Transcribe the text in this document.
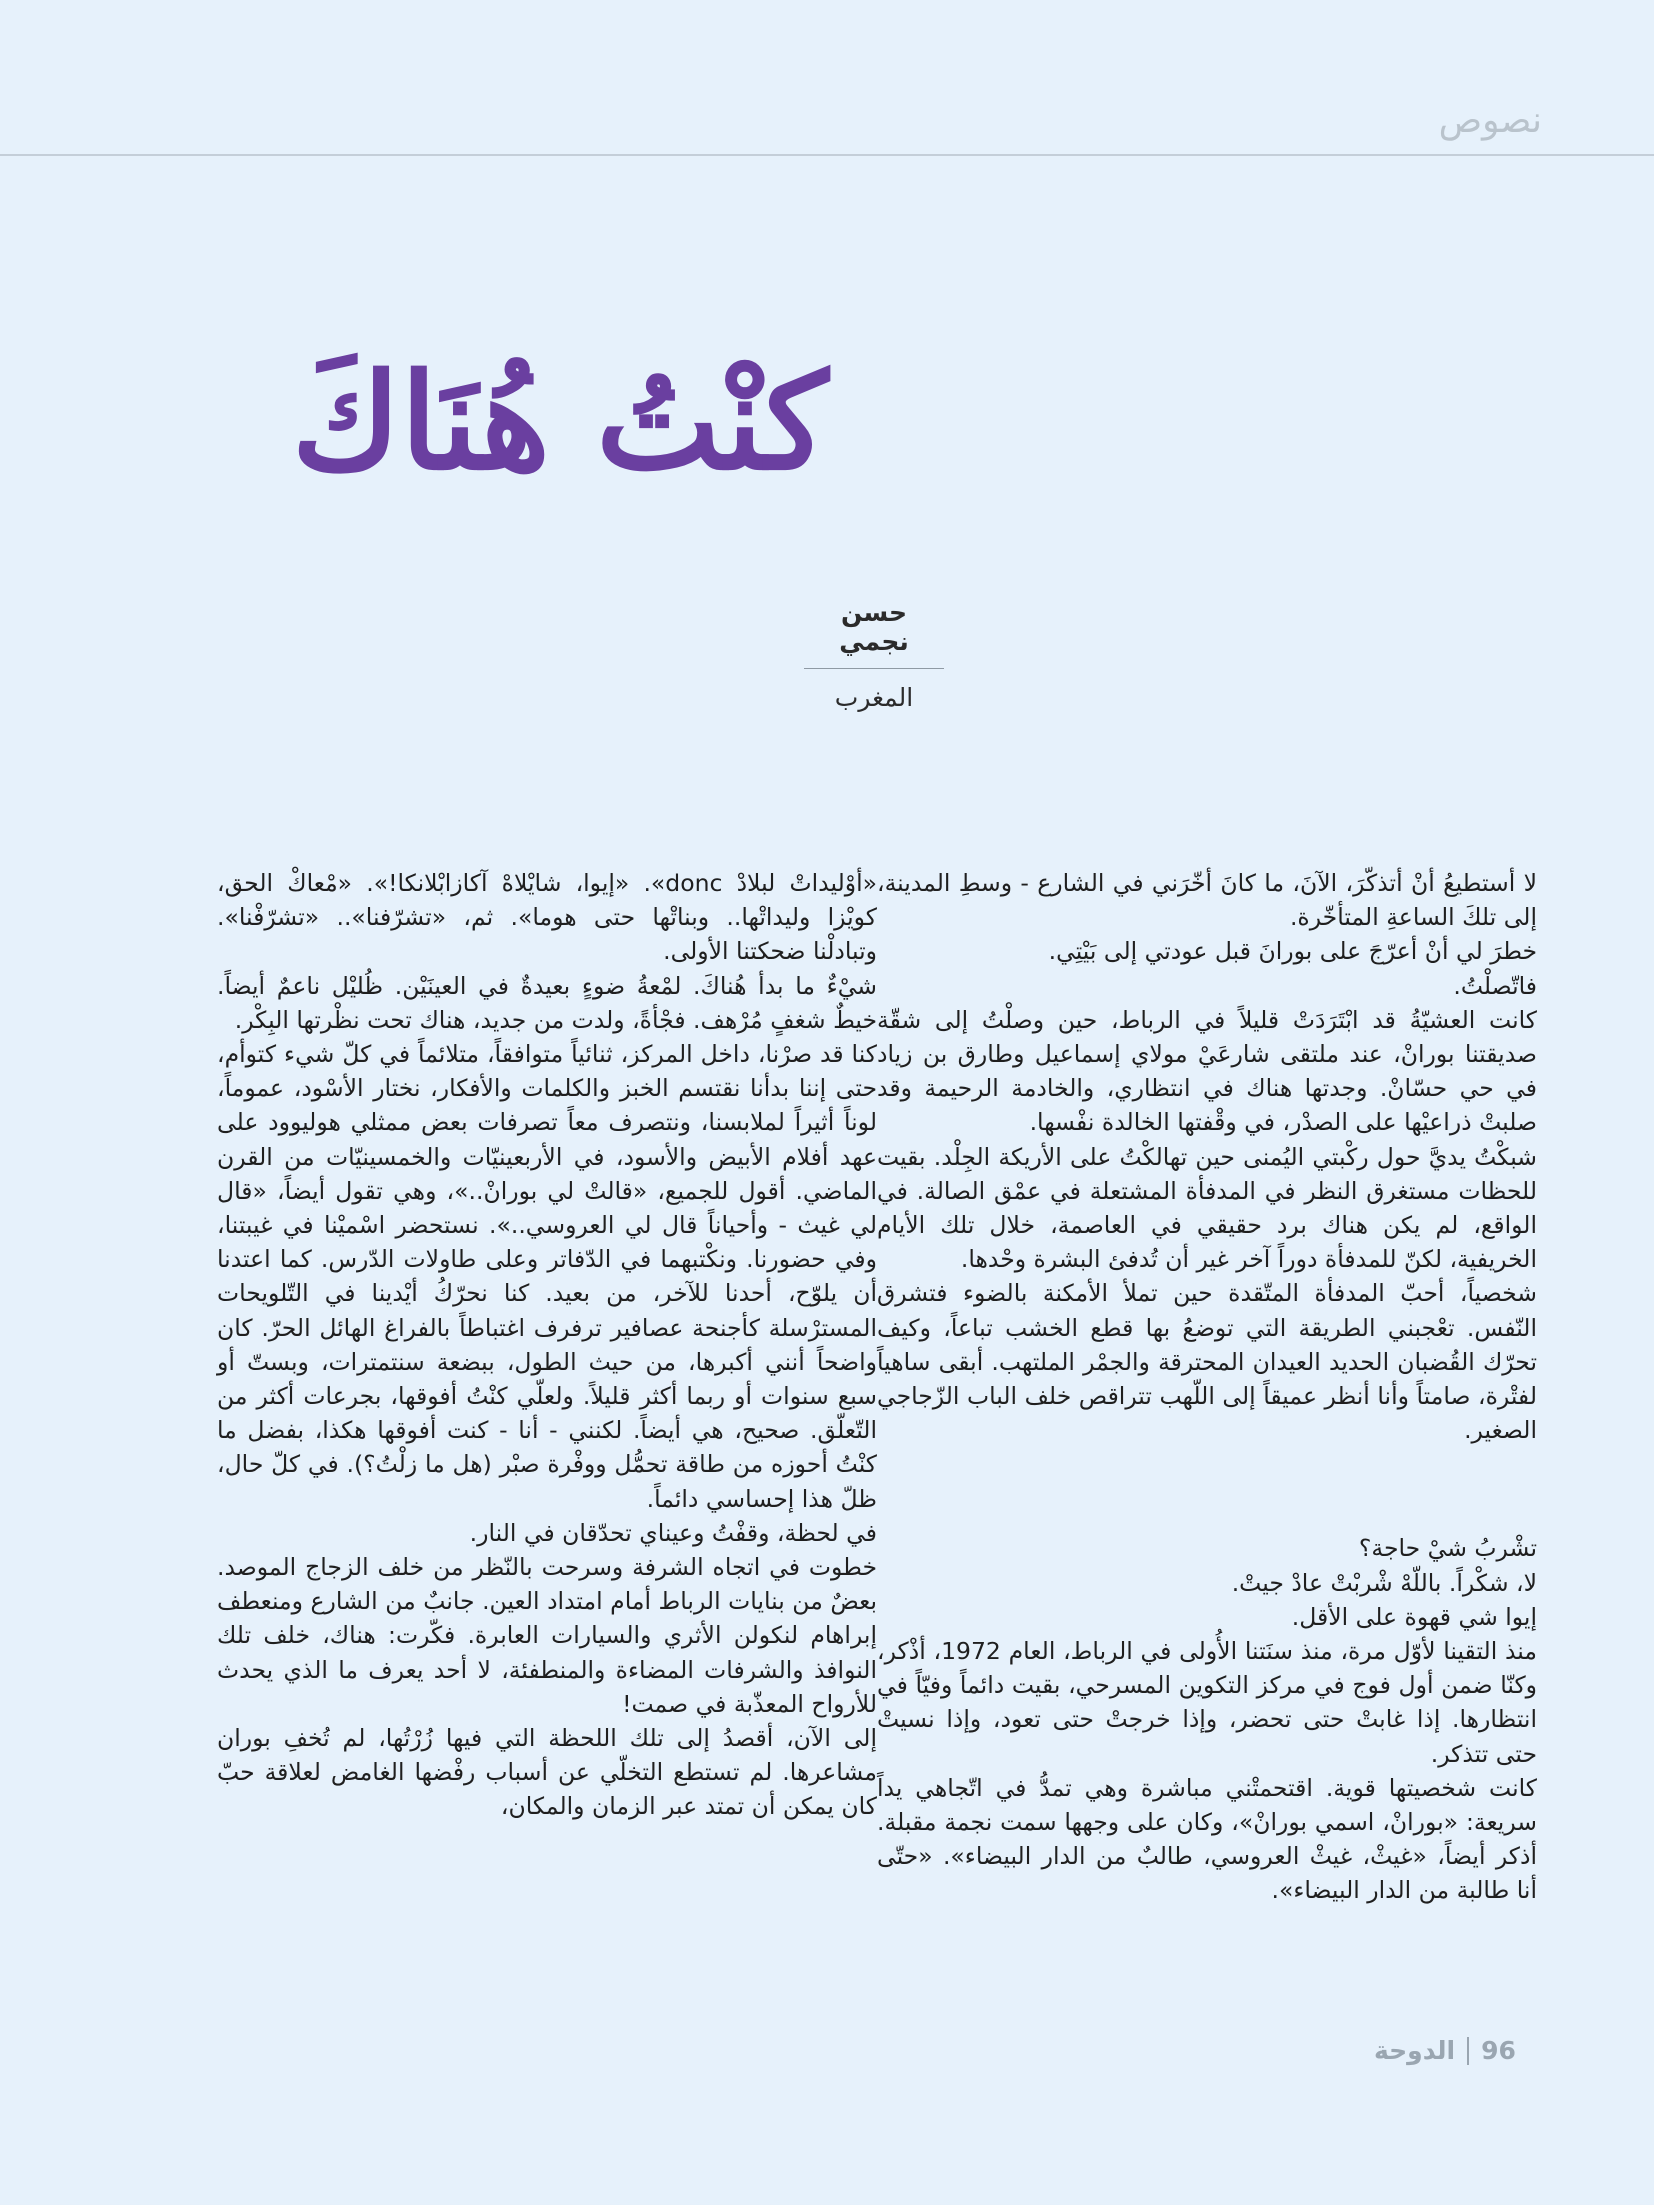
نصوص
كنْتُ هُنَاكَ
حسن نجمي
المغرب

لا أستطيعُ أنْ أتذكّرَ، الآنَ، ما كانَ أخّرَني في الشارع - وسطِ المدينة، إلى تلكَ الساعةِ المتأخّرة.

خطرَ لي أنْ أعرّجَ على بورانَ قبل عودتي إلى بَيْتِي.

فاتّصلْتُ.

كانت العشيّةُ قد ابْتَرَدَتْ قليلاً في الرباط، حين وصلْتُ إلى شقّة صديقتنا بورانْ، عند ملتقى شارعَيْ مولاي إسماعيل وطارق بن زياد في حي حسّانْ. وجدتها هناك في انتظاري، والخادمة الرحيمة وقد صلبتْ ذراعيْها على الصدْر، في وقْفتها الخالدة نفْسها.

شبكْتُ يديَّ حول ركْبتي اليُمنى حين تهالكْتُ على الأريكة الجِلْد. بقيت للحظات مستغرق النظر في المدفأة المشتعلة في عمْق الصالة. في الواقع، لم يكن هناك برد حقيقي في العاصمة، خلال تلك الأيام الخريفية، لكنّ للمدفأة دوراً آخر غير أن تُدفئ البشرة وحْدها.

شخصياً، أحبّ المدفأة المتّقدة حين تملأ الأمكنة بالضوء فتشرق النّفس. تعْجبني الطريقة التي توضعُ بها قطع الخشب تباعاً، وكيف تحرّك القُضبان الحديد العيدان المحترقة والجمْر الملتهب. أبقى ساهياً لفتْرة، صامتاً وأنا أنظر عميقاً إلى اللّهب تتراقص خلف الباب الزّجاجي الصغير.

تشْربُ شيْ حاجة؟

لا، شكْراً. باللّهْ شْربْتْ عادْ جيتْ.

إيوا شي قهوة على الأقل.

منذ التقينا لأوّل مرة، منذ سنَتنا الأُولى في الرباط، العام 1972، أذْكر، وكنّا ضمن أول فوج في مركز التكوين المسرحي، بقيت دائماً وفيّاً في انتظارها. إذا غابتْ حتى تحضر، وإذا خرجتْ حتى تعود، وإذا نسيتْ حتى تتذكر.

كانت شخصيتها قوية. اقتحمتْني مباشرة وهي تمدُّ في اتّجاهي يداً سريعة: «بورانْ، اسمي بورانْ»، وكان على وجهها سمت نجمة مقبلة. أذكر أيضاً، «غيثْ، غيثْ العروسي، طالبٌ من الدار البيضاء». «حتّى أنا طالبة من الدار البيضاء».

«أوْليداتْ لبلادْ donc». «إيوا، شايْلاهْ آكازابْلانكا!». «مْعاكْ الحق، كويْزا وليداتْها.. وبناتْها حتى هوما». ثم، «تشرّفنا».. «تشرّفْنا». وتبادلْنا ضحكتنا الأولى.

شيْءٌ ما بدأ هُناكَ. لمْعةُ ضوءٍ بعيدةٌ في العينَيْن. ظُليْل ناعمٌ أيضاً. خيطٌ شغفٍ مُرْهف. فجْأةً، ولدت من جديد، هناك تحت نظْرتها البِكْر.

كنا قد صرْنا، داخل المركز، ثنائياً متوافقاً، متلائماً في كلّ شيء كتوأم، حتى إننا بدأنا نقتسم الخبز والكلمات والأفكار، نختار الأسْود، عموماً، لوناً أثيراً لملابسنا، ونتصرف معاً تصرفات بعض ممثلي هوليوود على عهد أفلام الأبيض والأسود، في الأربعينيّات والخمسينيّات من القرن الماضي. أقول للجميع، «قالتْ لي بورانْ..»، وهي تقول أيضاً، «قال لي غيث - وأحياناً قال لي العروسي..». نستحضر اسْميْنا في غيبتنا، وفي حضورنا. ونكْتبهما في الدّفاتر وعلى طاولات الدّرس. كما اعتدنا أن يلوّح، أحدنا للآخر، من بعيد. كنا نحرّكُ أيْدينا في التّلويحات المسترْسلة كأجنحة عصافير ترفرف اغتباطاً بالفراغ الهائل الحرّ. كان واضحاً أنني أكبرها، من حيث الطول، ببضعة سنتمترات، وبستّ أو سبع سنوات أو ربما أكثر قليلاً. ولعلّي كنْتُ أفوقها، بجرعات أكثر من التّعلّق. صحيح، هي أيضاً. لكنني - أنا - كنت أفوقها هكذا، بفضل ما كنْتُ أحوزه من طاقة تحمُّل ووفْرة صبْر (هل ما زلْتُ؟). في كلّ حال، ظلّ هذا إحساسي دائماً.

في لحظة، وقفْتُ وعيناي تحدّقان في النار.

خطوت في اتجاه الشرفة وسرحت بالنّظر من خلف الزجاج الموصد. بعضٌ من بنايات الرباط أمام امتداد العين. جانبٌ من الشارع ومنعطف إبراهام لنكولن الأثري والسيارات العابرة. فكّرت: هناك، خلف تلك النوافذ والشرفات المضاءة والمنطفئة، لا أحد يعرف ما الذي يحدث للأرواح المعذّبة في صمت!

إلى الآن، أقصدُ إلى تلك اللحظة التي فيها زُرْتُها، لم تُخفِ بوران مشاعرها. لم تستطع التخلّي عن أسباب رفْضها الغامض لعلاقة حبّ كان يمكن أن تمتد عبر الزمان والمكان،

96
الدوحة
